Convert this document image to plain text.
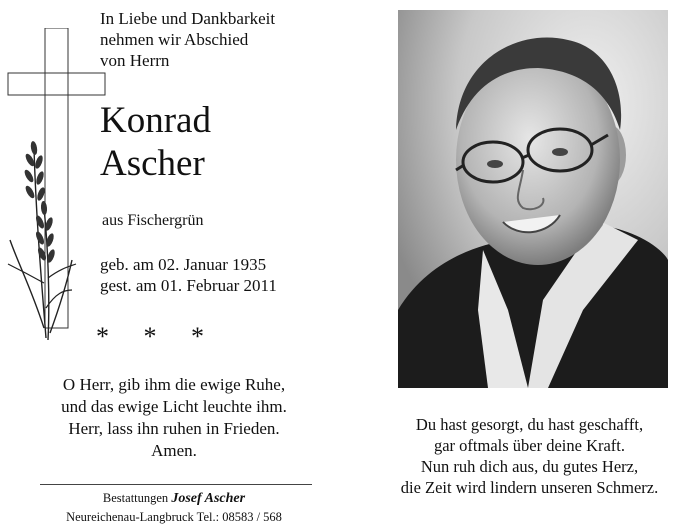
In Liebe und Dankbarkeit
nehmen wir Abschied
von Herrn
Konrad
Ascher
aus Fischergrün
geb. am 02. Januar 1935
gest. am 01. Februar 2011
* * *
O Herr, gib ihm die ewige Ruhe,
und das ewige Licht leuchte ihm.
Herr, lass ihn ruhen in Frieden.
Amen.
Bestattungen Josef Ascher
Neureichenau-Langbruck Tel.: 08583 / 568
Du hast gesorgt, du hast geschafft,
gar oftmals über deine Kraft.
Nun ruh dich aus, du gutes Herz,
die Zeit wird lindern unseren Schmerz.
